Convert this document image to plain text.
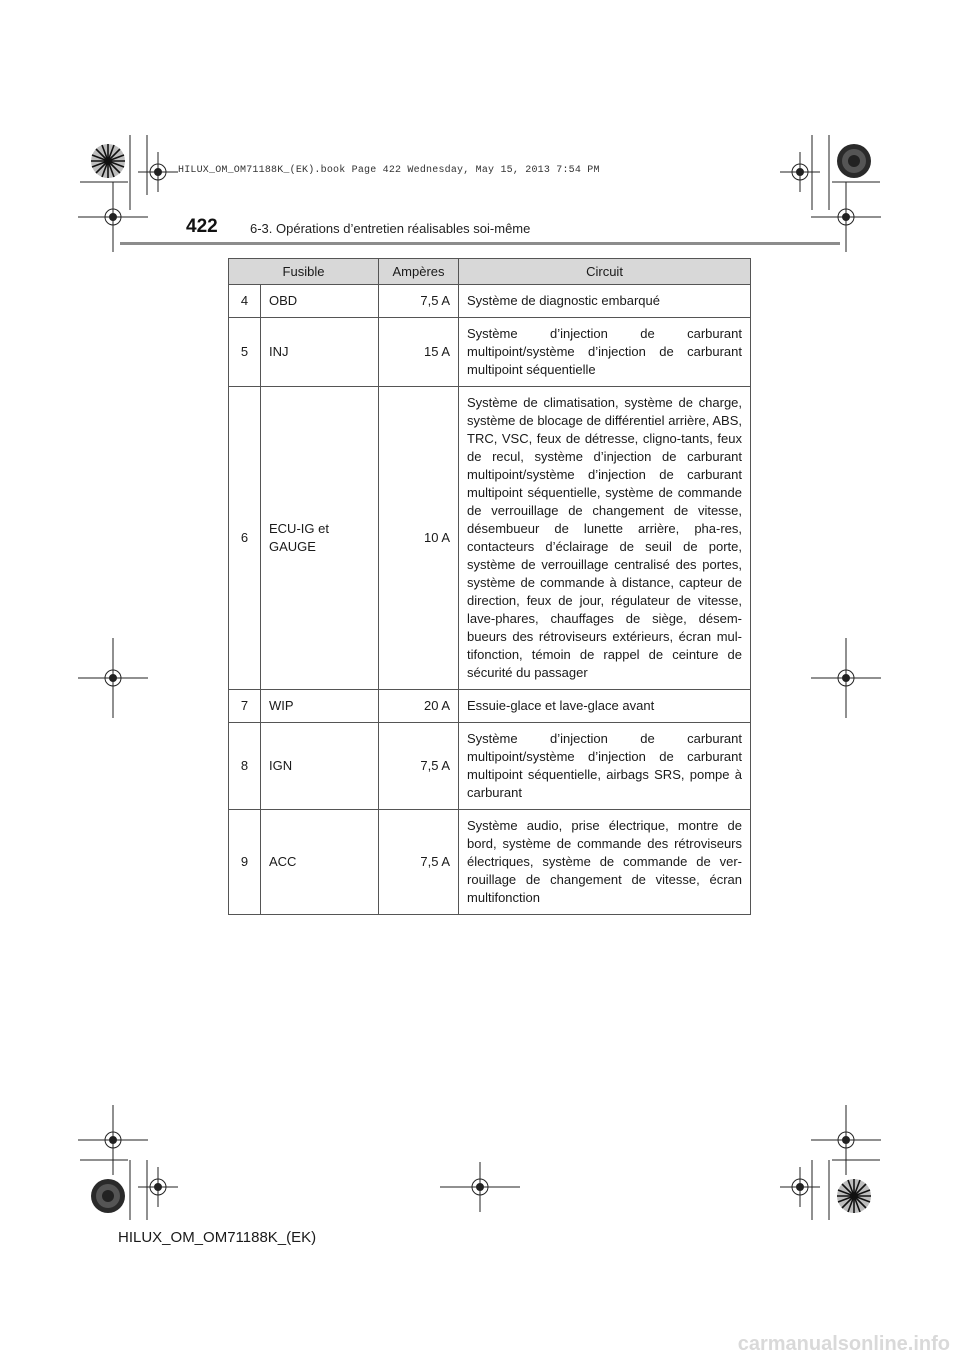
HILUX_OM_OM71188K_(EK).book Page 422 Wednesday, May 15, 2013 7:54 PM
422 6-3. Opérations d’entretien réalisables soi-même
Fusible		Ampères	Circuit
4	OBD	7,5 A	Système de diagnostic embarqué
5	INJ	15 A	Système d’injection de carburant multipoint/système d’injection de carburant multipoint séquentielle
6	ECU-IG et GAUGE	10 A	Système de climatisation, système de charge, système de blocage de différentiel arrière, ABS, TRC, VSC, feux de détresse, cligno-tants, feux de recul, système d’injection de carburant multipoint/système d’injection de carburant multipoint séquentielle, système de commande de verrouillage de changement de vitesse, désembueur de lunette arrière, pha-res, contacteurs d’éclairage de seuil de porte, système de verrouillage centralisé des portes, système de commande à distance, capteur de direction, feux de jour, régulateur de vitesse, lave-phares, chauffages de siège, désem-bueurs des rétroviseurs extérieurs, écran mul-tifonction, témoin de rappel de ceinture de sécurité du passager
7	WIP	20 A	Essuie-glace et lave-glace avant
8	IGN	7,5 A	Système d’injection de carburant multipoint/système d’injection de carburant multipoint séquentielle, airbags SRS, pompe à carburant
9	ACC	7,5 A	Système audio, prise électrique, montre de bord, système de commande des rétroviseurs électriques, système de commande de ver-rouillage de changement de vitesse, écran multifonction
HILUX_OM_OM71188K_(EK)
carmanualsonline.info
